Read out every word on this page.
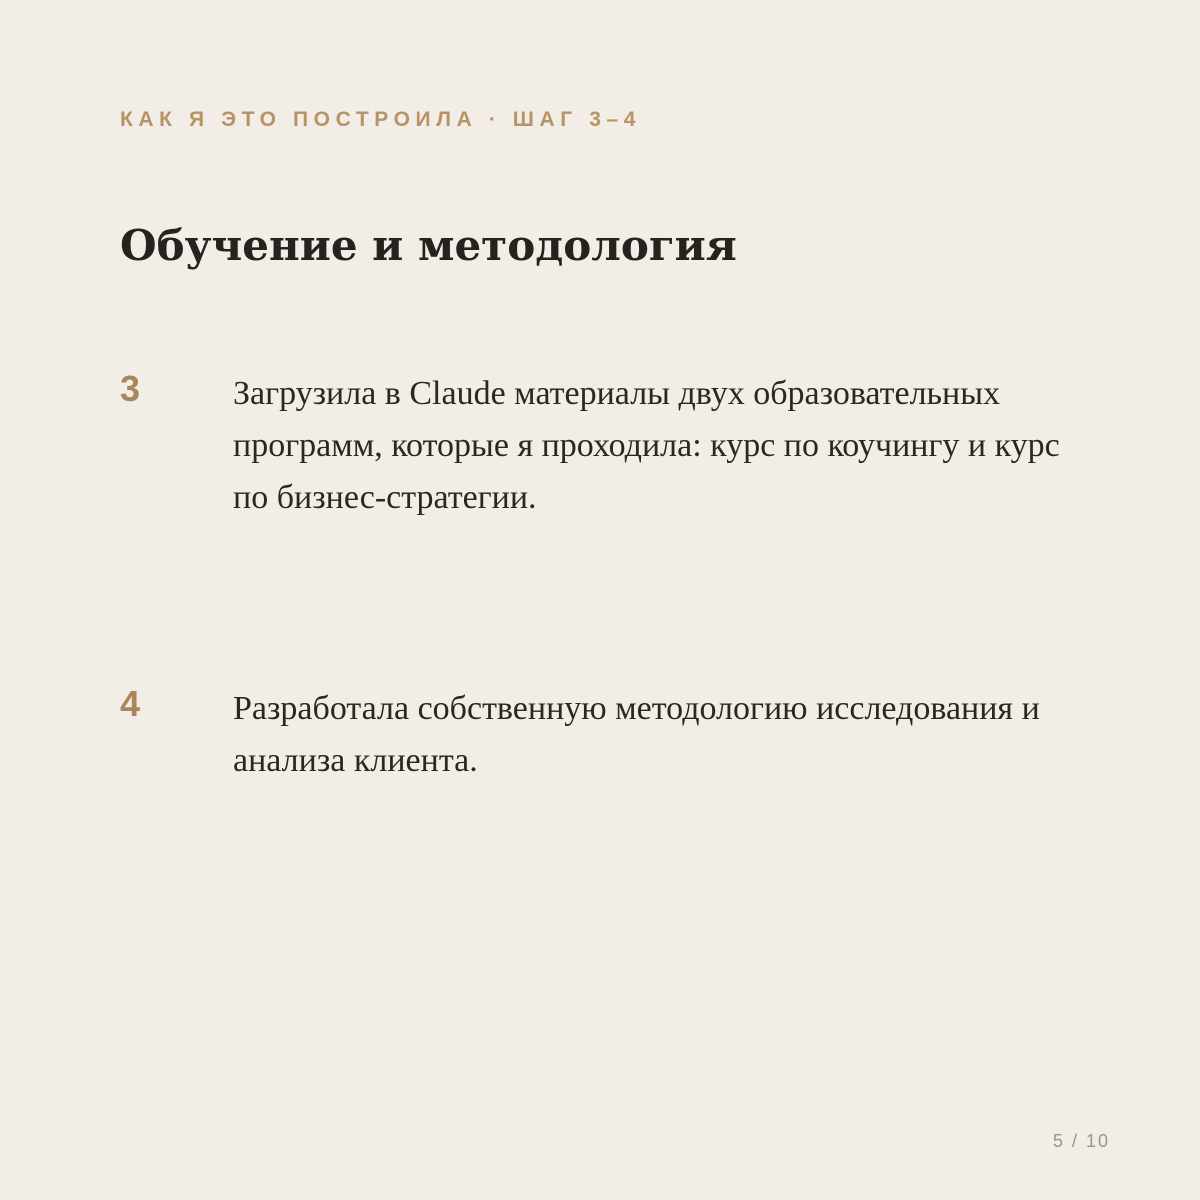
КАК Я ЭТО ПОСТРОИЛА · ШАГ 3–4
Обучение и методология
3	Загрузила в Claude материалы двух образовательных программ, которые я проходила: курс по коучингу и курс по бизнес-стратегии.

4	Разработала собственную методологию исследования и анализа клиента.

5 / 10
